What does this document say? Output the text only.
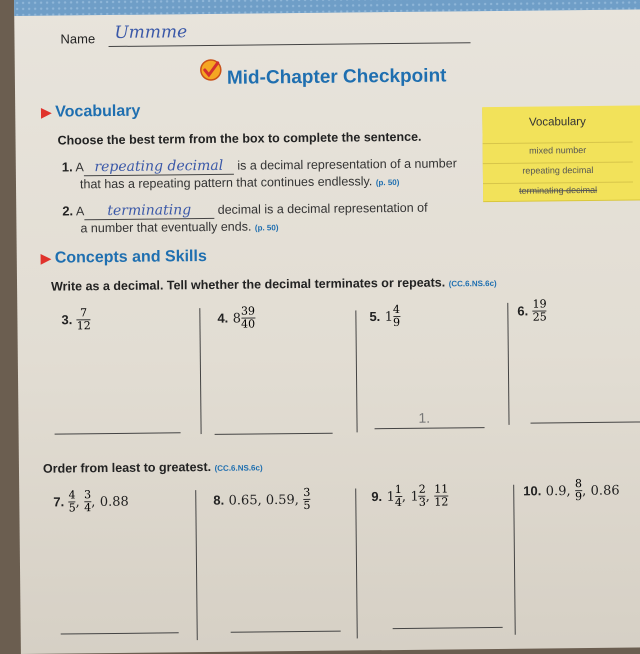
Name Ummme
Mid-Chapter Checkpoint
▶ Vocabulary
Choose the best term from the box to complete the sentence.
1. A repeating decimal is a decimal representation of a number
that has a repeating pattern that continues endlessly. (p. 50)
2. A terminating decimal is a decimal representation of
a number that eventually ends. (p. 50)
Vocabulary
mixed number
repeating decimal
terminating decimal
▶ Concepts and Skills
Write as a decimal. Tell whether the decimal terminates or repeats. (CC.6.NS.6c)
3. $\frac{7}{12}$	4. $8 \frac{39}{40}$	5. $1 \frac{4}{9}$	6. $\frac{19}{25}$
1.
Order from least to greatest. (CC.6.NS.6c)
7. $\frac{4}{5}$ , $\frac{3}{4}$ , 0.88	8. 0.65, 0.59, $\frac{3}{5}$	9. $1 \frac{1}{4}$ , $1 \frac{2}{3}$ , $\frac{11}{12}$	10. 0.9, $\frac{8}{9}$ , 0.86
